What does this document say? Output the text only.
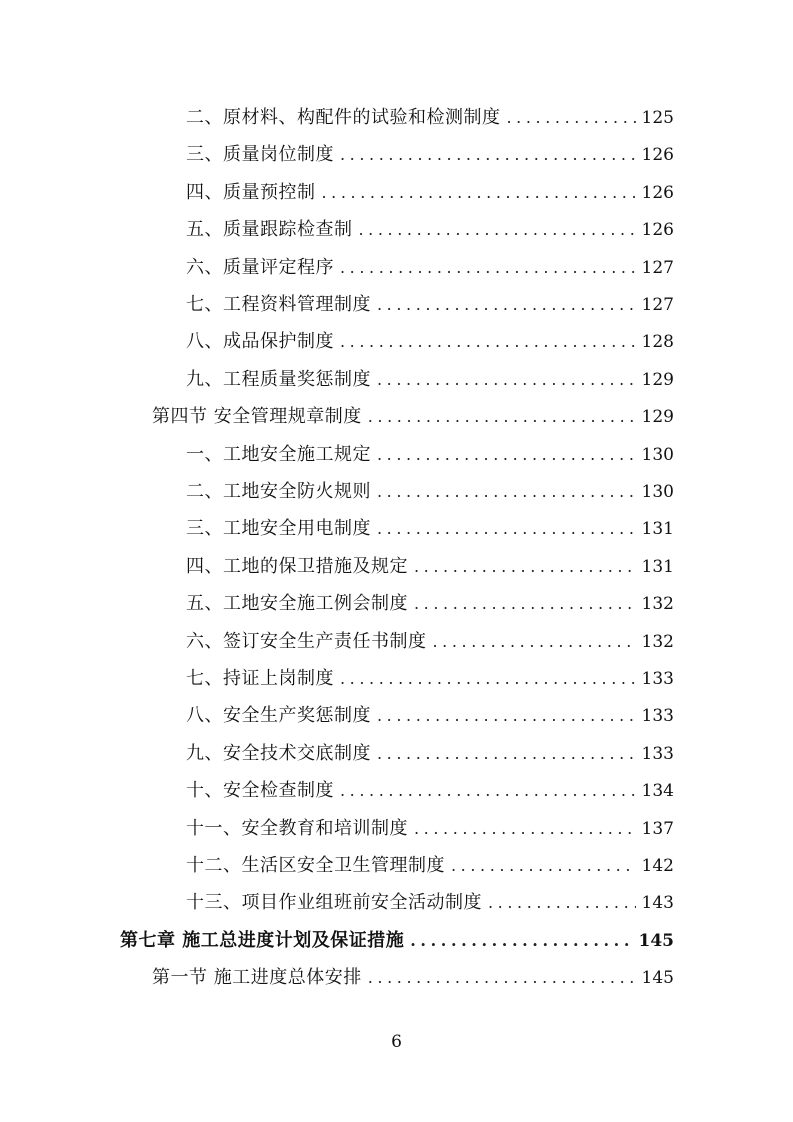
二、原材料、构配件的试验和检测制度 .....	125
三、质量岗位制度 .....	126
四、质量预控制 .....	126
五、质量跟踪检查制 .....	126
六、质量评定程序 .....	127
七、工程资料管理制度 .....	127
八、成品保护制度 .....	128
九、工程质量奖惩制度 .....	129
第四节 安全管理规章制度 .....	129
一、工地安全施工规定 .....	130
二、工地安全防火规则 .....	130
三、工地安全用电制度 .....	131
四、工地的保卫措施及规定 .....	131
五、工地安全施工例会制度 .....	132
六、签订安全生产责任书制度 .....	132
七、持证上岗制度 .....	133
八、安全生产奖惩制度 .....	133
九、安全技术交底制度 .....	133
十、安全检查制度 .....	134
十一、安全教育和培训制度 .....	137
十二、生活区安全卫生管理制度 .....	142
十三、项目作业组班前安全活动制度 .....	143
第七章 施工总进度计划及保证措施 .....	145
第一节 施工进度总体安排 .....	145
6
